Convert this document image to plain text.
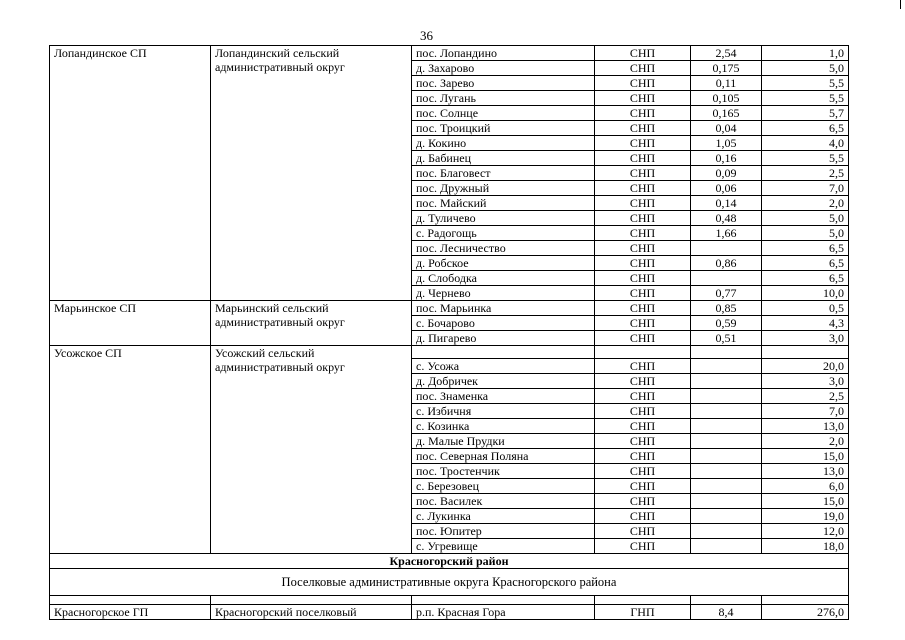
36
Лопандинское СП	Лопандинский сельский административный округ	пос. Лопандино	СНП	2,54	1,0
		д. Захарово	СНП	0,175	5,0
		пос. Зарево	СНП	0,11	5,5
		пос. Лугань	СНП	0,105	5,5
		пос. Солнце	СНП	0,165	5,7
		пос. Троицкий	СНП	0,04	6,5
		д. Кокино	СНП	1,05	4,0
		д. Бабинец	СНП	0,16	5,5
		пос. Благовест	СНП	0,09	2,5
		пос. Дружный	СНП	0,06	7,0
		пос. Майский	СНП	0,14	2,0
		д. Туличево	СНП	0,48	5,0
		с. Радогощь	СНП	1,66	5,0
		пос. Лесничество	СНП		6,5
		д. Робское	СНП	0,86	6,5
		д. Слободка	СНП		6,5
		д. Чернево	СНП	0,77	10,0
Марьинское СП	Марьинский сельский административный округ	пос. Марьинка	СНП	0,85	0,5
		с. Бочарово	СНП	0,59	4,3
		д. Пигарево	СНП	0,51	3,0
Усожское СП	Усожский сельский административный округ				
		с. Усожа	СНП		20,0
		д. Добричек	СНП		3,0
		пос. Знаменка	СНП		2,5
		с. Избичня	СНП		7,0
		с. Козинка	СНП		13,0
		д. Малые Прудки	СНП		2,0
		пос. Северная Поляна	СНП		15,0
		пос. Тростенчик	СНП		13,0
		с. Березовец	СНП		6,0
		пос. Василек	СНП		15,0
		с. Лукинка	СНП		19,0
		пос. Юпитер	СНП		12,0
		с. Угревище	СНП		18,0
Красногорский район					
Поселковые административные округа Красногорского района					

Красногорское ГП	Красногорский поселковый	р.п. Красная Гора	ГНП	8,4	276,0
